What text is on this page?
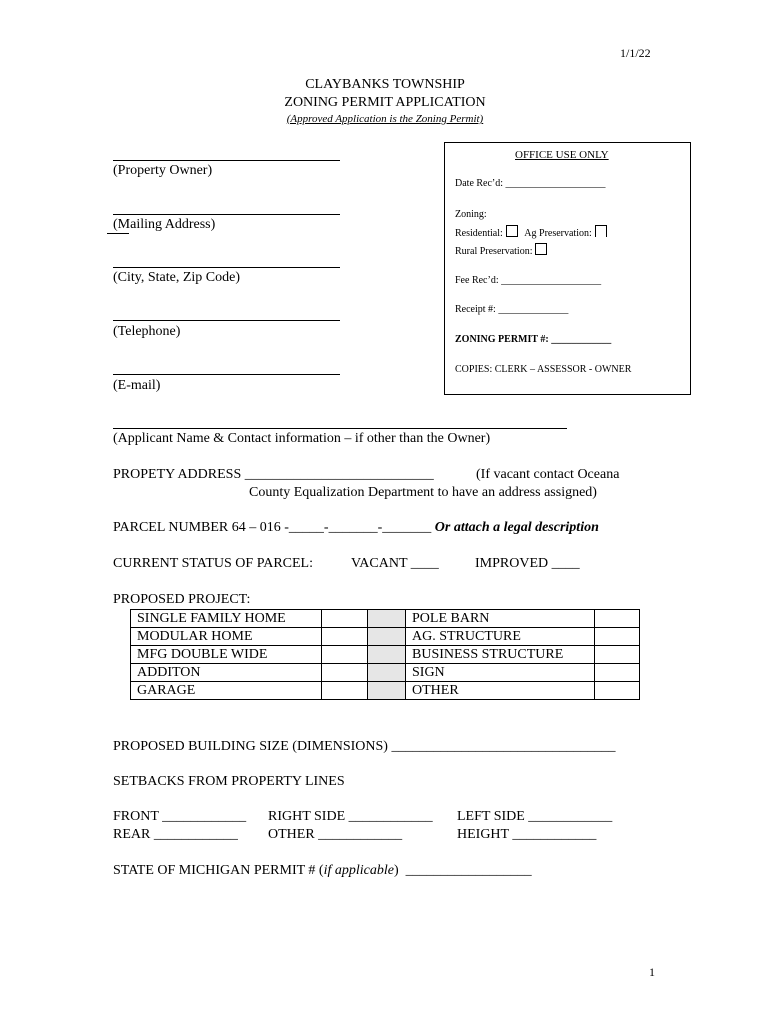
1/1/22
CLAYBANKS TOWNSHIP
ZONING PERMIT APPLICATION
(Approved Application is the Zoning Permit)
(Property Owner)
(Mailing Address)
(City, State, Zip Code)
(Telephone)
(E-mail)
OFFICE USE ONLY
Date Rec’d: ____________________
Zoning:
Residential: Ag Preservation:
Rural Preservation:
Fee Rec’d: ____________________
Receipt #: ______________
ZONING PERMIT #: ____________
COPIES: CLERK – ASSESSOR - OWNER
(Applicant Name & Contact information – if other than the Owner)
PROPETY ADDRESS ___________________________	(If vacant contact Oceana
County Equalization Department to have an address assigned)
PARCEL NUMBER 64 – 016 -_____-_______-_______ Or attach a legal description
CURRENT STATUS OF PARCEL:	VACANT ____	IMPROVED ____
PROPOSED PROJECT:
SINGLE FAMILY HOME			POLE BARN	
MODULAR HOME			AG. STRUCTURE	
MFG DOUBLE WIDE			BUSINESS STRUCTURE	
ADDITON			SIGN	
GARAGE			OTHER	
PROPOSED BUILDING SIZE (DIMENSIONS) ________________________________
SETBACKS FROM PROPERTY LINES
FRONT ____________ RIGHT SIDE ____________ LEFT SIDE ____________
REAR ____________ OTHER ____________	HEIGHT ____________
STATE OF MICHIGAN PERMIT # (if applicable)  __________________
1
